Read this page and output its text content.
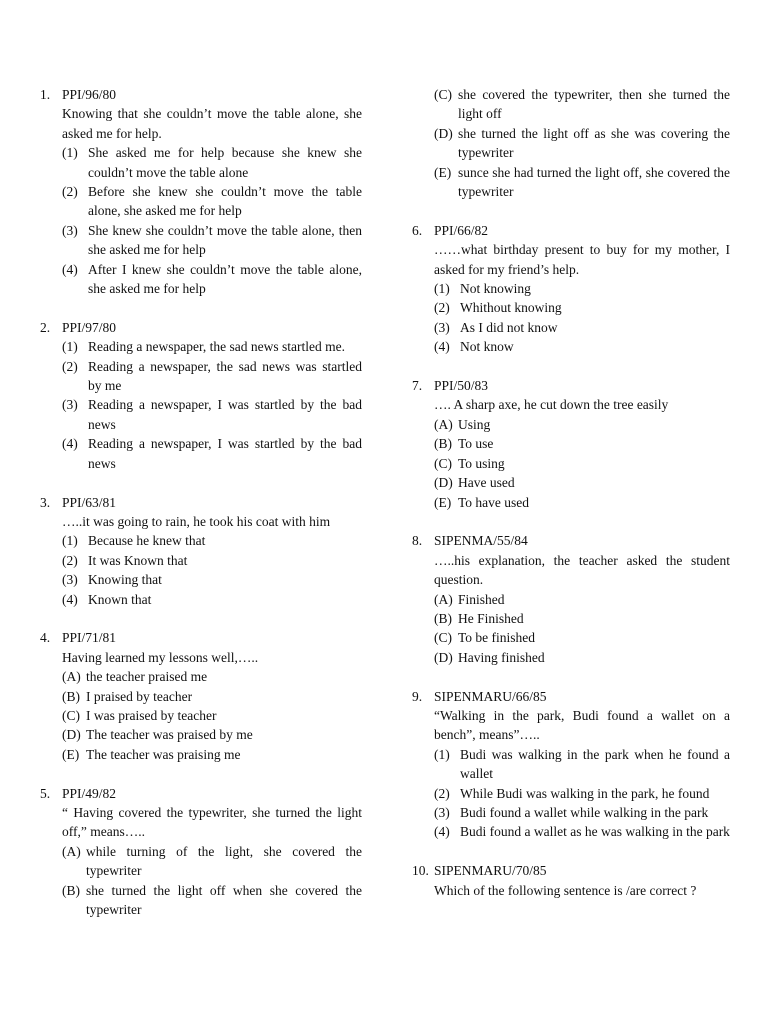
1. PPI/96/80
Knowing that she couldn’t move the table alone, she asked me for help.
(1) She asked me for help because she knew she couldn’t move the table alone
(2) Before she knew she couldn’t move the table alone, she asked me for help
(3) She knew she couldn’t move the table alone, then she asked me for help
(4) After I knew she couldn’t move the table alone, she asked me for help
2. PPI/97/80
(1) Reading a newspaper, the sad news startled me.
(2) Reading a newspaper, the sad news was startled by me
(3) Reading a newspaper, I was startled by the bad news
(4) Reading a newspaper, I was startled by the bad news
3. PPI/63/81
…..it was going to rain, he took his coat with him
(1) Because he knew that
(2) It was Known that
(3) Knowing that
(4) Known that
4. PPI/71/81
Having learned my lessons well,…..
(A) the teacher praised me
(B) I praised by teacher
(C) I was praised by teacher
(D) The teacher was praised by me
(E) The teacher was praising me
5. PPI/49/82
“ Having covered the typewriter, she turned the light off,” means…..
(A) while turning of the light, she covered the typewriter
(B) she turned the light off when she covered the typewriter
(C) she covered the typewriter, then she turned the light off
(D) she turned the light off as she was covering the typewriter
(E) sunce she had turned the light off, she covered the typewriter
6. PPI/66/82
……what birthday present to buy for my mother, I asked for my friend’s help.
(1) Not knowing
(2) Whithout knowing
(3) As I did not know
(4) Not know
7. PPI/50/83
…. A sharp axe, he cut down the tree easily
(A) Using
(B) To use
(C) To using
(D) Have used
(E) To have used
8. SIPENMA/55/84
…..his explanation, the teacher asked the student question.
(A) Finished
(B) He Finished
(C) To be finished
(D) Having finished
9. SIPENMARU/66/85
“Walking in the park, Budi found a wallet on a bench”, means”…..
(1) Budi was walking in the park when he found a wallet
(2) While Budi was walking in the park, he found
(3) Budi found a wallet while walking in the park
(4) Budi found a wallet as he was walking in the park
10. SIPENMARU/70/85
Which of the following sentence is /are correct ?
